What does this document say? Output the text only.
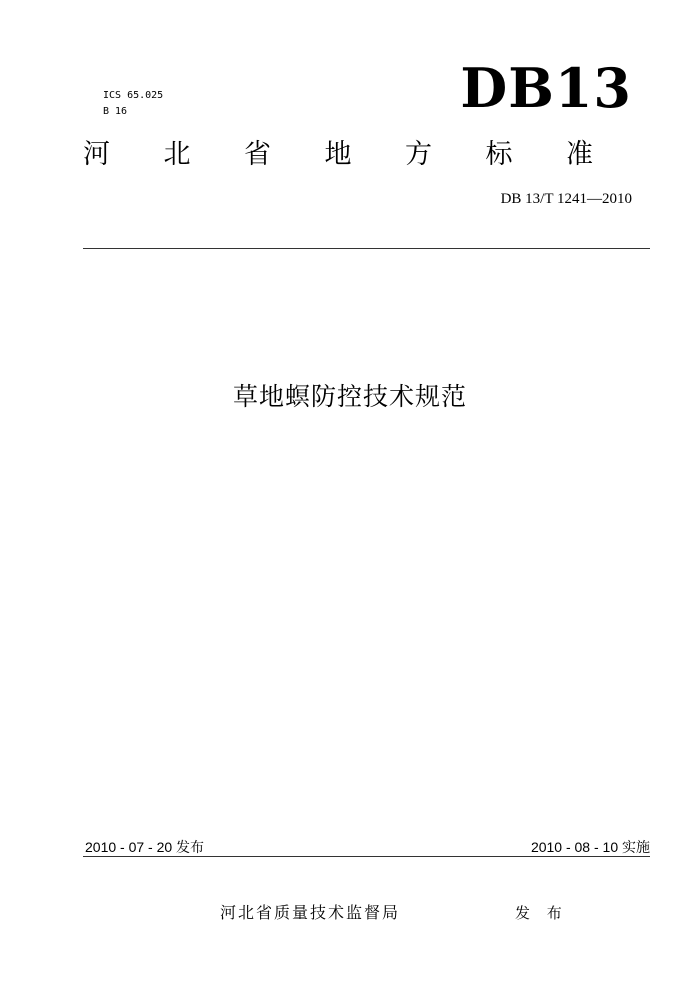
ICS 65.025
B 16	DB13
河 北 省 地 方 标 准
DB 13/T 1241—2010
草地螟防控技术规范
2010 - 07 - 20 发布	2010 - 08 - 10 实施
河北省质量技术监督局	发 布
